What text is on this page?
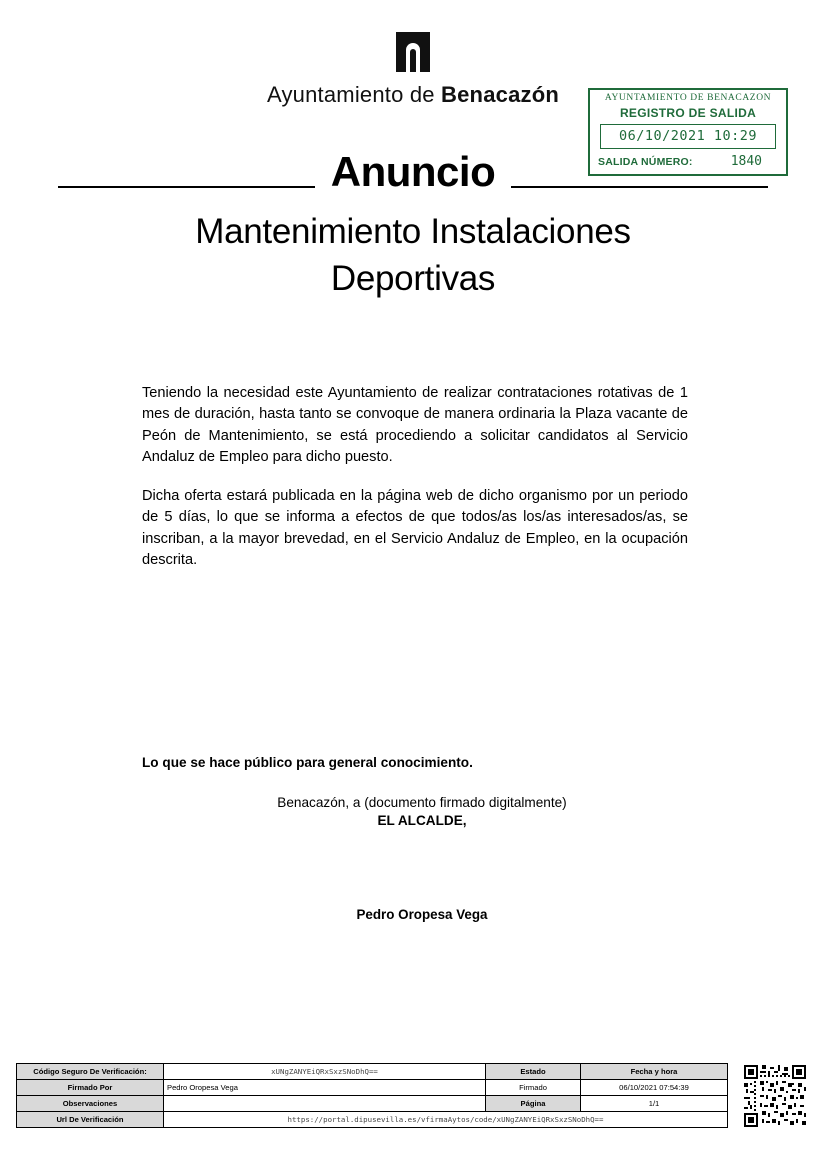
Ayuntamiento de Benacazón	AYUNTAMIENTO DE BENACAZON
REGISTRO DE SALIDA
06/10/2021 10:29
SALIDA NÚMERO:	1840
Anuncio
Mantenimiento Instalaciones Deportivas

Teniendo la necesidad este Ayuntamiento de realizar contrataciones rotativas de 1 mes de duración, hasta tanto se convoque de manera ordinaria la Plaza vacante de Peón de Mantenimiento, se está procediendo a solicitar candidatos al Servicio Andaluz de Empleo para dicho puesto.

Dicha oferta estará publicada en la página web de dicho organismo por un periodo de 5 días, lo que se informa a efectos de que todos/as los/as interesados/as, se inscriban, a la mayor brevedad, en el Servicio Andaluz de Empleo, en la ocupación descrita.

Lo que se hace público para general conocimiento.
Benacazón, a (documento firmado digitalmente)
EL ALCALDE,
Pedro Oropesa Vega
Código Seguro De Verificación:	xUNgZANYEiQRxSxzSNoDhQ==	Estado	Fecha y hora
Firmado Por	Pedro Oropesa Vega	Firmado	06/10/2021 07:54:39
Observaciones		Página	1/1
Url De Verificación	https://portal.dipusevilla.es/vfirmaAytos/code/xUNgZANYEiQRxSxzSNoDhQ==		
